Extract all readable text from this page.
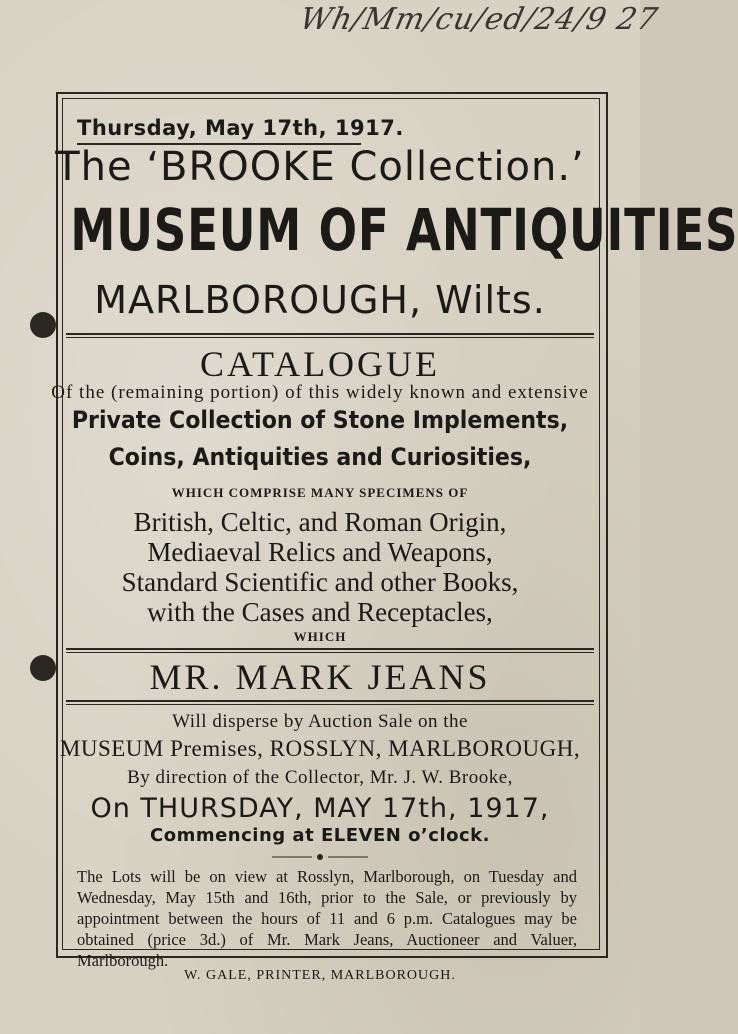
Wh/Mm/cu/ed/24/9 27
Thursday, May 17th, 1917.
The ‘BROOKE Collection.’
MUSEUM OF ANTIQUITIES
MARLBOROUGH, Wilts.
CATALOGUE
Of the (remaining portion) of this widely known and extensive
Private Collection of Stone Implements,
Coins, Antiquities and Curiosities,
WHICH COMPRISE MANY SPECIMENS OF
British, Celtic, and Roman Origin,
Mediaeval Relics and Weapons,
Standard Scientific and other Books,
with the Cases and Receptacles,
WHICH
MR. MARK JEANS
Will disperse by Auction Sale on the
MUSEUM Premises, ROSSLYN, MARLBOROUGH,
By direction of the Collector, Mr. J. W. Brooke,
On THURSDAY, MAY 17th, 1917,
Commencing at ELEVEN o’clock.
The Lots will be on view at Rosslyn, Marlborough, on Tuesday and Wednesday, May 15th and 16th, prior to the Sale, or previously by appointment between the hours of 11 and 6 p.m. Catalogues may be obtained (price 3d.) of Mr. Mark Jeans, Auctioneer and Valuer, Marlborough.
W. GALE, PRINTER, MARLBOROUGH.
